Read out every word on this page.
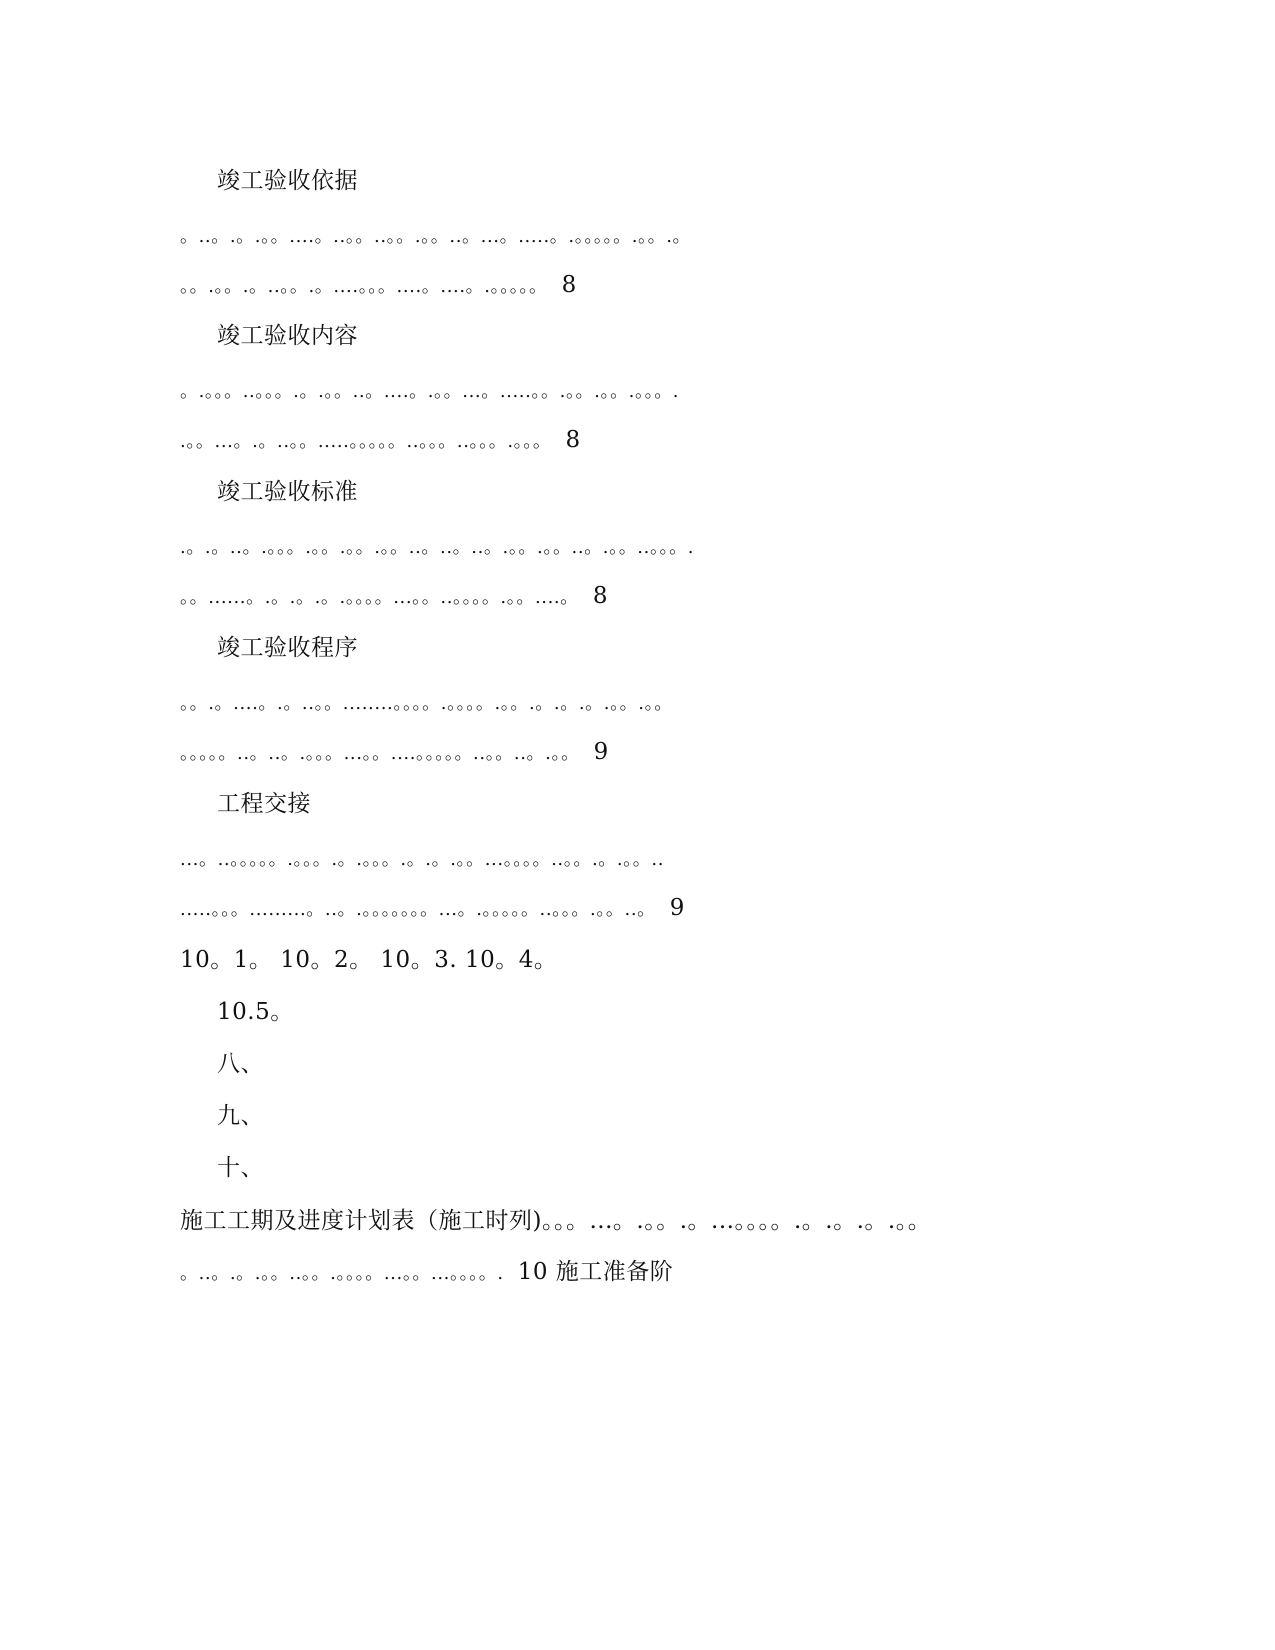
竣工验收依据
。..。.。.。。....。..。。..。。.。。..。...。.....。.。。。。。.。。.。
。。.。。.。..。。.。....。。。....。....。.。。。。。 8
竣工验收内容
。.。。。..。。。.。.。。..。....。.。。...。.....。。.。。.。。.。。。.
.。。...。.。..。。.....。。。。。..。。。..。。。.。。。 8
竣工验收标准
.。.。..。.。。。.。。.。。.。。..。..。..。.。。.。。..。.。。..。。。.
。。......。.。.。.。.。。。。...。。..。。。。.。。....。 8
竣工验收程序
。。.。....。.。..。。........。。。。.。。。。.。。.。.。.。.。。.。。
。。。。。..。..。.。。。...。。....。。。。。..。。..。.。。 9
工程交接
...。..。。。。。.。。。.。.。。。.。.。.。。...。。。。..。。.。.。。..
.....。。。.........。..。.。。。。。。。...。.。。。。。..。。。.。。..。 9
10。1。 10。2。 10。3. 10。4。
10.5。
八、
九、
十、
施工工期及进度计划表（施工时列)。。。...。.。。.。...。。。。.。.。.。.。。
。..。.。.。。..。。.。。。。...。。...。。。。. 10 施工准备阶
